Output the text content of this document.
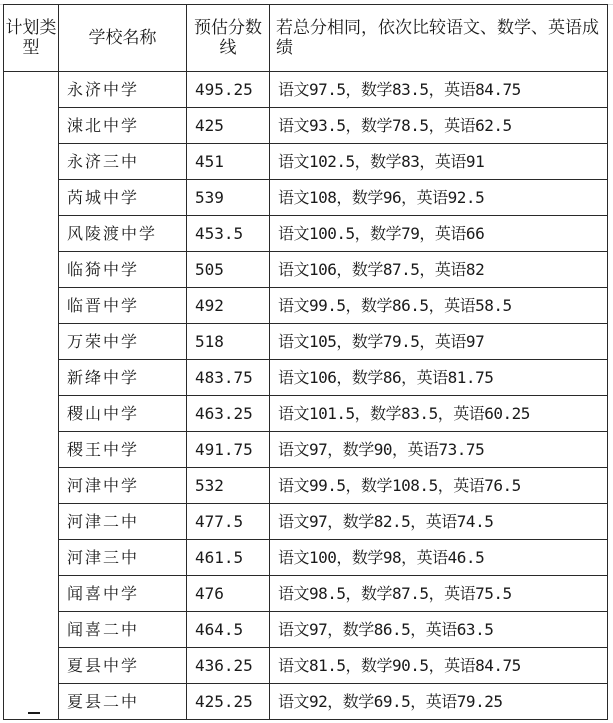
计划类型	学校名称	预估分数线	若总分相同，依次比较语文、数学、英语成绩
	永济中学	495.25	语文97.5，数学83.5，英语84.75
	涑北中学	425	语文93.5，数学78.5，英语62.5
	永济三中	451	语文102.5，数学83，英语91
	芮城中学	539	语文108，数学96，英语92.5
	风陵渡中学	453.5	语文100.5，数学79，英语66
	临猗中学	505	语文106，数学87.5，英语82
	临晋中学	492	语文99.5，数学86.5，英语58.5
	万荣中学	518	语文105，数学79.5，英语97
	新绛中学	483.75	语文106，数学86，英语81.75
	稷山中学	463.25	语文101.5，数学83.5，英语60.25
	稷王中学	491.75	语文97，数学90，英语73.75
	河津中学	532	语文99.5，数学108.5，英语76.5
	河津二中	477.5	语文97，数学82.5，英语74.5
	河津三中	461.5	语文100，数学98，英语46.5
	闻喜中学	476	语文98.5，数学87.5，英语75.5
	闻喜二中	464.5	语文97，数学86.5，英语63.5
	夏县中学	436.25	语文81.5，数学90.5，英语84.75
	夏县二中	425.25	语文92，数学69.5，英语79.25
